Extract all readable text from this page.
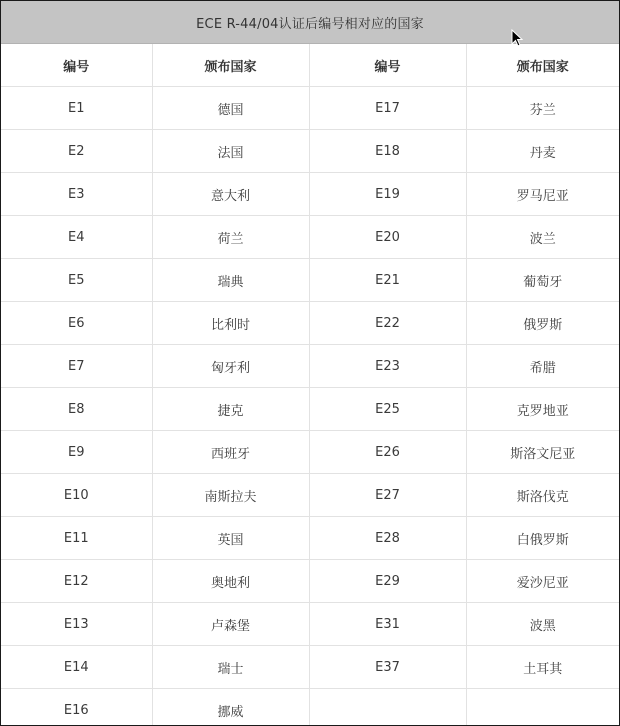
ECE R-44/04认证后编号相对应的国家
编号	颁布国家	编号	颁布国家
E1	德国	E17	芬兰
E2	法国	E18	丹麦
E3	意大利	E19	罗马尼亚
E4	荷兰	E20	波兰
E5	瑞典	E21	葡萄牙
E6	比利时	E22	俄罗斯
E7	匈牙利	E23	希腊
E8	捷克	E25	克罗地亚
E9	西班牙	E26	斯洛文尼亚
E10	南斯拉夫	E27	斯洛伐克
E11	英国	E28	白俄罗斯
E12	奥地利	E29	爱沙尼亚
E13	卢森堡	E31	波黑
E14	瑞士	E37	土耳其
E16	挪威		
